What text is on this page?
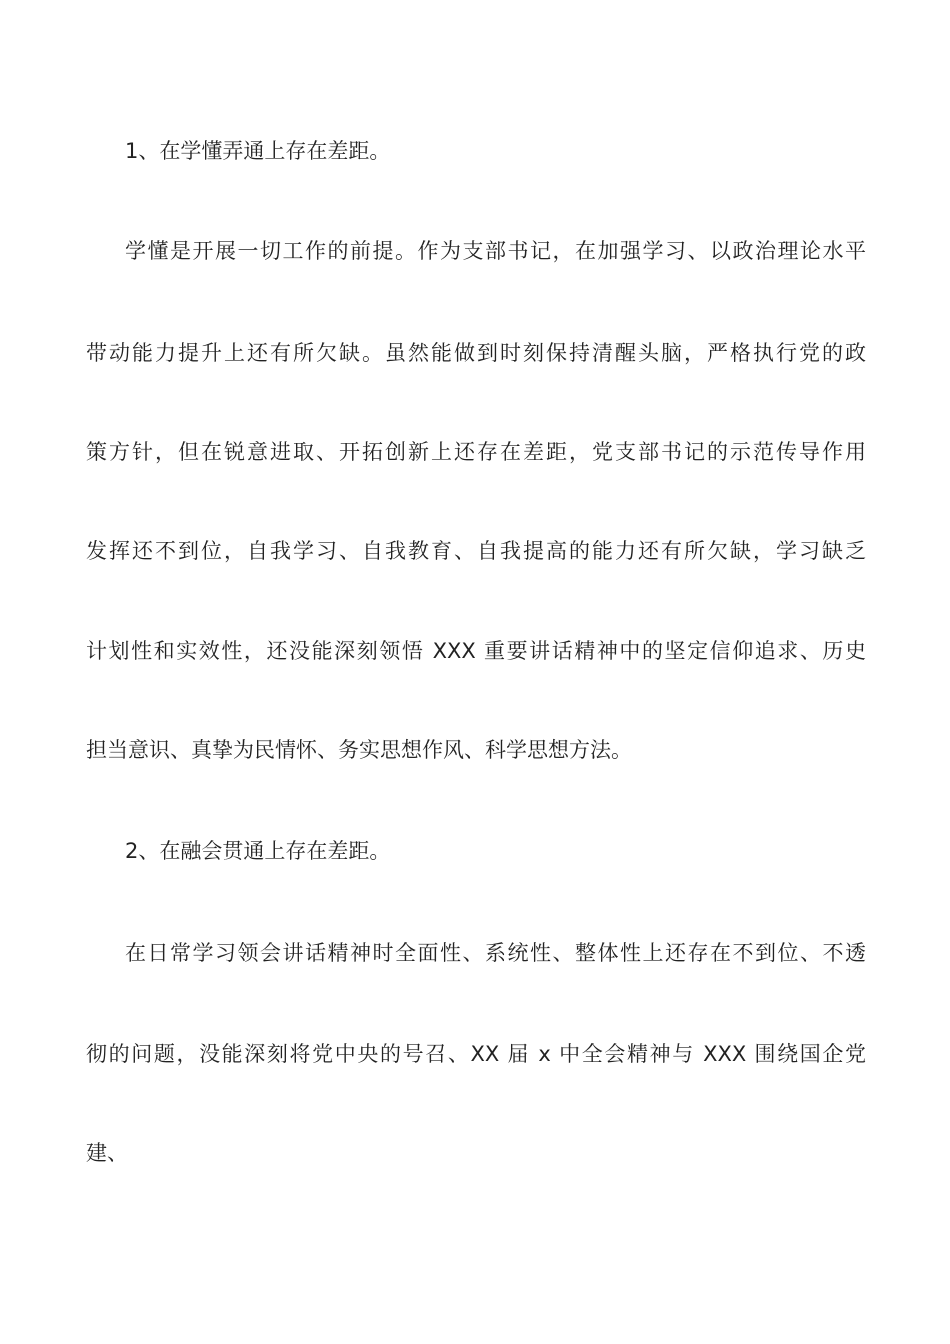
1、在学懂弄通上存在差距。
学懂是开展一切工作的前提。作为支部书记，在加强学习、以政治理论水平
带动能力提升上还有所欠缺。虽然能做到时刻保持清醒头脑，严格执行党的政
策方针，但在锐意进取、开拓创新上还存在差距，党支部书记的示范传导作用
发挥还不到位，自我学习、自我教育、自我提高的能力还有所欠缺，学习缺乏
计划性和实效性，还没能深刻领悟 XXX 重要讲话精神中的坚定信仰追求、历史
担当意识、真挚为民情怀、务实思想作风、科学思想方法。
2、在融会贯通上存在差距。
在日常学习领会讲话精神时全面性、系统性、整体性上还存在不到位、不透
彻的问题，没能深刻将党中央的号召、XX 届 x 中全会精神与 XXX 围绕国企党
建、
